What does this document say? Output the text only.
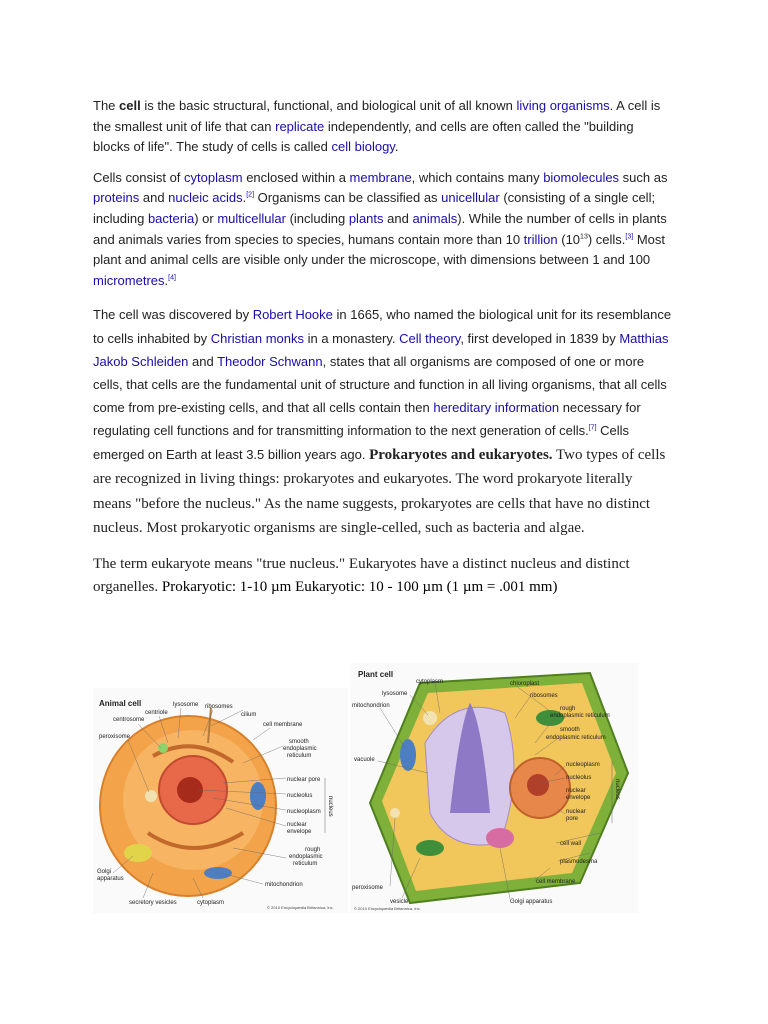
The cell is the basic structural, functional, and biological unit of all known living organisms. A cell is the smallest unit of life that can replicate independently, and cells are often called the "building blocks of life". The study of cells is called cell biology.

Cells consist of cytoplasm enclosed within a membrane, which contains many biomolecules such as proteins and nucleic acids.[2] Organisms can be classified as unicellular (consisting of a single cell; including bacteria) or multicellular (including plants and animals). While the number of cells in plants and animals varies from species to species, humans contain more than 10 trillion $(10^{13})$ cells.[3] Most plant and animal cells are visible only under the microscope, with dimensions between 1 and 100 micrometres.[4]

The cell was discovered by Robert Hooke in 1665, who named the biological unit for its resemblance to cells inhabited by Christian monks in a monastery. Cell theory, first developed in 1839 by Matthias Jakob Schleiden and Theodor Schwann, states that all organisms are composed of one or more cells, that cells are the fundamental unit of structure and function in all living organisms, that all cells come from pre-existing cells, and that all cells contain then hereditary information necessary for regulating cell functions and for transmitting information to the next generation of cells.[7] Cells emerged on Earth at least 3.5 billion years ago. Prokaryotes and eukaryotes. Two types of cells are recognized in living things: prokaryotes and eukaryotes. The word prokaryote literally means "before the nucleus." As the name suggests, prokaryotes are cells that have no distinct nucleus. Most prokaryotic organisms are single-celled, such as bacteria and algae.

The term eukaryote means "true nucleus." Eukaryotes have a distinct nucleus and distinct organelles. Prokaryotic: 1-10 µm Eukaryotic: 10 - 100 µm (1 µm = .001 mm)

Animal cell	lysosome ribosomes
centriole	cilium
centrosome
cell membrane
peroxisome
smooth
endoplasmic
reticulum
nuclear pore
nucleolus
nucleoplasm
nuclear
envelope
nucleus
rough
endoplasmic
reticulum
Golgi
apparatus
mitochondrion
secretory vesicles	cytoplasm
© 2010 Encyclopædia Britannica, Inc.
Plant cell
cytoplasm	chloroplast
lysosome	ribosomes
mitochondrion	rough
endoplasmic reticulum
smooth
endoplasmic reticulum
vacuole
nucleoplasm
nucleolus
nuclear
envelope
nuclear
pore
nucleus
cell wall
plasmodesma
cell membrane
peroxisome
vesicle	Golgi apparatus
© 2010 Encyclopædia Britannica, Inc.
